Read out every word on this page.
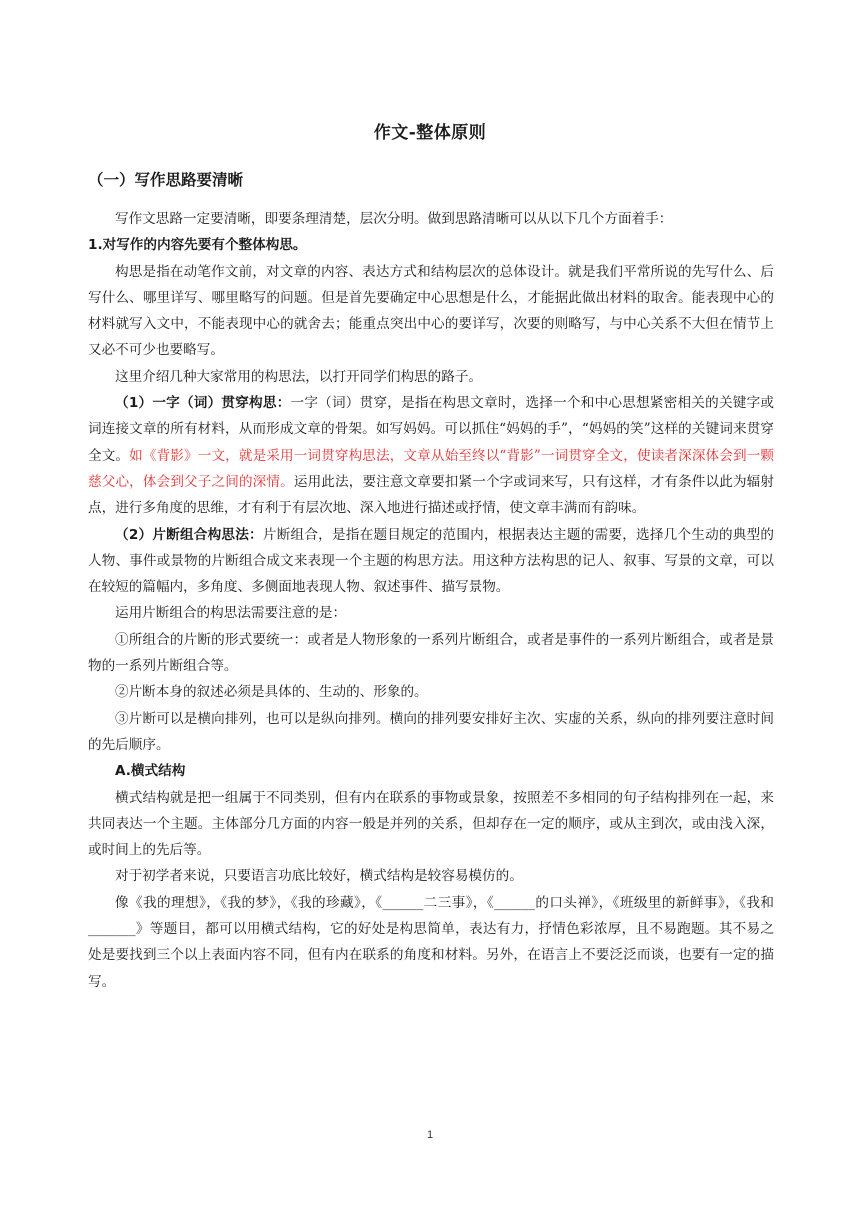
作文-整体原则
（一）写作思路要清晰

写作文思路一定要清晰，即要条理清楚，层次分明。做到思路清晰可以从以下几个方面着手：

1.对写作的内容先要有个整体构思。

构思是指在动笔作文前，对文章的内容、表达方式和结构层次的总体设计。就是我们平常所说的先写什么、后写什么、哪里详写、哪里略写的问题。但是首先要确定中心思想是什么，才能据此做出材料的取舍。能表现中心的材料就写入文中，不能表现中心的就舍去；能重点突出中心的要详写，次要的则略写，与中心关系不大但在情节上又必不可少也要略写。

这里介绍几种大家常用的构思法，以打开同学们构思的路子。

（1）一字（词）贯穿构思：一字（词）贯穿，是指在构思文章时，选择一个和中心思想紧密相关的关键字或词连接文章的所有材料，从而形成文章的骨架。如写妈妈。可以抓住“妈妈的手”，“妈妈的笑”这样的关键词来贯穿全文。如《背影》一文，就是采用一词贯穿构思法，文章从始至终以“背影”一词贯穿全文，使读者深深体会到一颗慈父心，体会到父子之间的深情。运用此法，要注意文章要扣紧一个字或词来写，只有这样，才有条件以此为辐射点，进行多角度的思维，才有利于有层次地、深入地进行描述或抒情，使文章丰满而有韵味。

（2）片断组合构思法：片断组合，是指在题目规定的范围内，根据表达主题的需要，选择几个生动的典型的人物、事件或景物的片断组合成文来表现一个主题的构思方法。用这种方法构思的记人、叙事、写景的文章，可以在较短的篇幅内，多角度、多侧面地表现人物、叙述事件、描写景物。

运用片断组合的构思法需要注意的是：

①所组合的片断的形式要统一：或者是人物形象的一系列片断组合，或者是事件的一系列片断组合，或者是景物的一系列片断组合等。

②片断本身的叙述必须是具体的、生动的、形象的。

③片断可以是横向排列，也可以是纵向排列。横向的排列要安排好主次、实虚的关系，纵向的排列要注意时间的先后顺序。

A.横式结构

横式结构就是把一组属于不同类别，但有内在联系的事物或景象，按照差不多相同的句子结构排列在一起，来共同表达一个主题。主体部分几方面的内容一般是并列的关系，但却存在一定的顺序，或从主到次，或由浅入深，或时间上的先后等。

对于初学者来说，只要语言功底比较好，横式结构是较容易模仿的。

像《我的理想》，《我的梦》，《我的珍藏》，《______二三事》，《______的口头禅》，《班级里的新鲜事》，《我和_______》等题目，都可以用横式结构，它的好处是构思简单，表达有力，抒情色彩浓厚，且不易跑题。其不易之处是要找到三个以上表面内容不同，但有内在联系的角度和材料。另外，在语言上不要泛泛而谈，也要有一定的描写。

1
